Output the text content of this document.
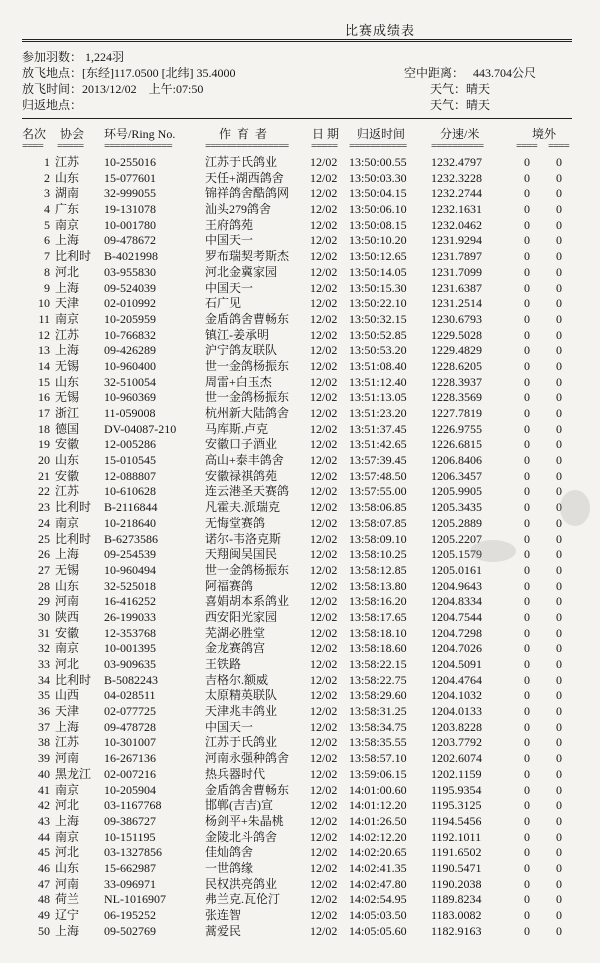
比赛成绩表
参加羽数： 1,224羽
放飞地点：[东经]117.0500 [北纬] 35.4000	空中距离：   443.704公尺
放飞时间：2013/12/02    上午:07:50	天气：晴天
归返地点：	天气：晴天
名次 协会 环号/Ring No.	作  育  者	日 期 归返时间	分速/米	境外
==== ===== =============	================ ===== =========== ==========	==== ====
1 江苏 10-255016	江苏于氏鸽业	12/02 13:50:00.55 1232.4797	0 0
2 山东 15-077601	天任+湖西鸽舍	12/02 13:50:03.30 1232.3228	0 0
3 湖南 32-999055	锦祥鸽舍酷鸽网	12/02 13:50:04.15 1232.2744	0 0
4 广东 19-131078	汕头279鸽舍	12/02 13:50:06.10 1232.1631	0 0
5 南京 10-001780	王府鸽苑	12/02 13:50:08.15 1232.0462	0 0
6 上海 09-478672	中国天一	12/02 13:50:10.20 1231.9294	0 0
7 比利时 B-4021998	罗布瑞契考斯杰	12/02 13:50:12.65 1231.7897	0 0
8 河北 03-955830	河北金冀家园	12/02 13:50:14.05 1231.7099	0 0
9 上海 09-524039	中国天一	12/02 13:50:15.30 1231.6387	0 0
10 天津 02-010992	石广见	12/02 13:50:22.10 1231.2514	0 0
11 南京 10-205959	金盾鸽舍曹畅东	12/02 13:50:32.15 1230.6793	0 0
12 江苏 10-766832	镇江-姜承明	12/02 13:50:52.85 1229.5028	0 0
13 上海 09-426289	沪宁鸽友联队	12/02 13:50:53.20 1229.4829	0 0
14 无锡 10-960400	世一金鸽杨振东	12/02 13:51:08.40 1228.6205	0 0
15 山东 32-510054	周雷+白玉杰	12/02 13:51:12.40 1228.3937	0 0
16 无锡 10-960369	世一金鸽杨振东	12/02 13:51:13.05 1228.3569	0 0
17 浙江 11-059008	杭州新大陆鸽舍	12/02 13:51:23.20 1227.7819	0 0
18 德国 DV-04087-210 马库斯.卢克	12/02 13:51:37.45 1226.9755	0 0
19 安徽 12-005286	安徽口子酒业	12/02 13:51:42.65 1226.6815	0 0
20 山东 15-010545	高山+泰丰鸽舍	12/02 13:57:39.45 1206.8406	0 0
21 安徽 12-088807	安徽禄祺鸽苑	12/02 13:57:48.50 1206.3457	0 0
22 江苏 10-610628	连云港圣天赛鸽	12/02 13:57:55.00 1205.9905	0 0
23 比利时 B-2116844	凡霍夫.派瑞克	12/02 13:58:06.85 1205.3435	0 0
24 南京 10-218640	无悔堂赛鸽	12/02 13:58:07.85 1205.2889	0 0
25 比利时 B-6273586	诺尔-韦洛克斯	12/02 13:58:09.10 1205.2207	0 0
26 上海 09-254539	天翔闽吴国民	12/02 13:58:10.25 1205.1579	0 0
27 无锡 10-960494	世一金鸽杨振东	12/02 13:58:12.85 1205.0161	0 0
28 山东 32-525018	阿福赛鸽	12/02 13:58:13.80 1204.9643	0 0
29 河南 16-416252	喜娟胡本系鸽业	12/02 13:58:16.20 1204.8334	0 0
30 陕西 26-199033	西安阳光家园	12/02 13:58:17.65 1204.7544	0 0
31 安徽 12-353768	芜湖必胜堂	12/02 13:58:18.10 1204.7298	0 0
32 南京 10-001395	金龙赛鸽宫	12/02 13:58:18.60 1204.7026	0 0
33 河北 03-909635	王铁路	12/02 13:58:22.15 1204.5091	0 0
34 比利时 B-5082243	吉格尔.额威	12/02 13:58:22.75 1204.4764	0 0
35 山西 04-028511	太原精英联队	12/02 13:58:29.60 1204.1032	0 0
36 天津 02-077725	天津兆丰鸽业	12/02 13:58:31.25 1204.0133	0 0
37 上海 09-478728	中国天一	12/02 13:58:34.75 1203.8228	0 0
38 江苏 10-301007	江苏于氏鸽业	12/02 13:58:35.55 1203.7792	0 0
39 河南 16-267136	河南永强种鸽舍	12/02 13:58:57.10 1202.6074	0 0
40 黑龙江 02-007216	热兵器时代	12/02 13:59:06.15 1202.1159	0 0
41 南京 10-205904	金盾鸽舍曹畅东	12/02 14:01:00.60 1195.9354	0 0
42 河北 03-1167768	邯郸(吉吉)宣	12/02 14:01:12.20 1195.3125	0 0
43 上海 09-386727	杨剑平+朱晶桃	12/02 14:01:26.50 1194.5456	0 0
44 南京 10-151195	金陵北斗鸽舍	12/02 14:02:12.20 1192.1011	0 0
45 河北 03-1327856	佳灿鸽舍	12/02 14:02:20.65 1191.6502	0 0
46 山东 15-662987	一世鸽缘	12/02 14:02:41.35 1190.5471	0 0
47 河南 33-096971	民权洪亮鸽业	12/02 14:02:47.80 1190.2038	0 0
48 荷兰 NL-1016907	弗兰克.瓦伦汀	12/02 14:02:54.95 1189.8234	0 0
49 辽宁 06-195252	张连智	12/02 14:05:03.50 1183.0082	0 0
50 上海 09-502769	蒿爱民	12/02 14:05:05.60 1182.9163	0 0
